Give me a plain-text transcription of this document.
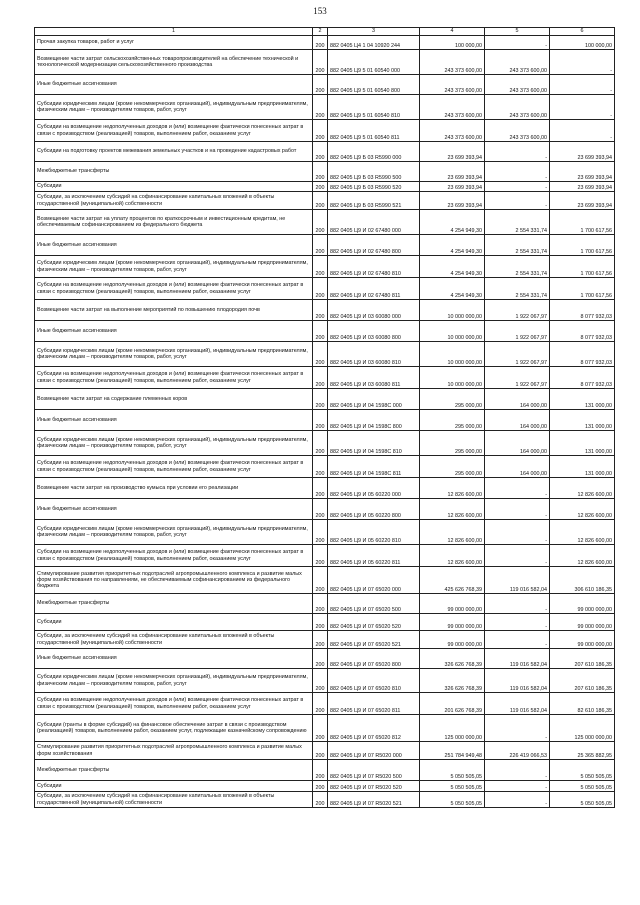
153
1	2	3	4	5	6
Прочая закупка товаров, работ и услуг	200	882 0405 Ц4 1 04 10920 244	100 000,00	-	100 000,00
Возмещение части затрат сельскохозяйственных товаропроизводителей на обеспечение технической и технологической модернизации сельскохозяйственного производства	200	882 0405 Ц9 5 01 60540 000	243 373 600,00	243 373 600,00	-
Иные бюджетные ассигнования	200	882 0405 Ц9 5 01 60540 800	243 373 600,00	243 373 600,00	-
Субсидии юридическим лицам (кроме некоммерческих организаций), индивидуальным предпринимателям, физическим лицам – производителям товаров, работ, услуг	200	882 0405 Ц9 5 01 60540 810	243 373 600,00	243 373 600,00	-
Субсидии на возмещение недополученных доходов и (или) возмещение фактически понесенных затрат в связи с производством (реализацией) товаров, выполнением работ, оказанием услуг	200	882 0405 Ц9 5 01 60540 811	243 373 600,00	243 373 600,00	-
Субсидии на подготовку проектов межевания земельных участков и на проведение кадастровых работ	200	882 0405 Ц9 Б 03 R5990 000	23 699 393,94	-	23 699 393,94
Межбюджетные трансферты	200	882 0405 Ц9 Б 03 R5990 500	23 699 393,94	-	23 699 393,94
Субсидии	200	882 0405 Ц9 Б 03 R5990 520	23 699 393,94	-	23 699 393,94
Субсидии, за исключением субсидий на софинансирование капитальных вложений в объекты государственной (муниципальной) собственности	200	882 0405 Ц9 Б 03 R5990 521	23 699 393,94	-	23 699 393,94
Возмещение части затрат на уплату процентов по краткосрочным и инвестиционным кредитам, не обеспечиваемым софинансированием из федерального бюджета	200	882 0405 Ц9 И 02 67480 000	4 254 949,30	2 554 331,74	1 700 617,56
Иные бюджетные ассигнования	200	882 0405 Ц9 И 02 67480 800	4 254 949,30	2 554 331,74	1 700 617,56
Субсидии юридическим лицам (кроме некоммерческих организаций), индивидуальным предпринимателям, физическим лицам – производителям товаров, работ, услуг	200	882 0405 Ц9 И 02 67480 810	4 254 949,30	2 554 331,74	1 700 617,56
Субсидии на возмещение недополученных доходов и (или) возмещение фактически понесенных затрат в связи с производством (реализацией) товаров, выполнением работ, оказанием услуг	200	882 0405 Ц9 И 02 67480 811	4 254 949,30	2 554 331,74	1 700 617,56
Возмещение части затрат на выполнение мероприятий по повышению плодородия почв	200	882 0405 Ц9 И 03 60080 000	10 000 000,00	1 922 067,97	8 077 932,03
Иные бюджетные ассигнования	200	882 0405 Ц9 И 03 60080 800	10 000 000,00	1 922 067,97	8 077 932,03
Субсидии юридическим лицам (кроме некоммерческих организаций), индивидуальным предпринимателям, физическим лицам – производителям товаров, работ, услуг	200	882 0405 Ц9 И 03 60080 810	10 000 000,00	1 922 067,97	8 077 932,03
Субсидии на возмещение недополученных доходов и (или) возмещение фактически понесенных затрат в связи с производством (реализацией) товаров, выполнением работ, оказанием услуг	200	882 0405 Ц9 И 03 60080 811	10 000 000,00	1 922 067,97	8 077 932,03
Возмещение части затрат на содержание племенных коров	200	882 0405 Ц9 И 04 1598С 000	295 000,00	164 000,00	131 000,00
Иные бюджетные ассигнования	200	882 0405 Ц9 И 04 1598С 800	295 000,00	164 000,00	131 000,00
Субсидии юридическим лицам (кроме некоммерческих организаций), индивидуальным предпринимателям, физическим лицам – производителям товаров, работ, услуг	200	882 0405 Ц9 И 04 1598С 810	295 000,00	164 000,00	131 000,00
Субсидии на возмещение недополученных доходов и (или) возмещение фактически понесенных затрат в связи с производством (реализацией) товаров, выполнением работ, оказанием услуг	200	882 0405 Ц9 И 04 1598С 811	295 000,00	164 000,00	131 000,00
Возмещение части затрат на производство кумыса при условии его реализации	200	882 0405 Ц9 И 05 60220 000	12 826 600,00	-	12 826 600,00
Иные бюджетные ассигнования	200	882 0405 Ц9 И 05 60220 800	12 826 600,00	-	12 826 600,00
Субсидии юридическим лицам (кроме некоммерческих организаций), индивидуальным предпринимателям, физическим лицам – производителям товаров, работ, услуг	200	882 0405 Ц9 И 05 60220 810	12 826 600,00	-	12 826 600,00
Субсидии на возмещение недополученных доходов и (или) возмещение фактически понесенных затрат в связи с производством (реализацией) товаров, выполнением работ, оказанием услуг	200	882 0405 Ц9 И 05 60220 811	12 826 600,00	-	12 826 600,00
Стимулирование развития приоритетных подотраслей агропромышленного комплекса и развитие малых форм хозяйствования по направлениям, не обеспечиваемым софинансированием из федерального бюджета	200	882 0405 Ц9 И 07 65020 000	425 626 768,39	119 016 582,04	306 610 186,35
Межбюджетные трансферты	200	882 0405 Ц9 И 07 65020 500	99 000 000,00	-	99 000 000,00
Субсидии	200	882 0405 Ц9 И 07 65020 520	99 000 000,00	-	99 000 000,00
Субсидии, за исключением субсидий на софинансирование капитальных вложений в объекты государственной (муниципальной) собственности	200	882 0405 Ц9 И 07 65020 521	99 000 000,00	-	99 000 000,00
Иные бюджетные ассигнования	200	882 0405 Ц9 И 07 65020 800	326 626 768,39	119 016 582,04	207 610 186,35
Субсидии юридическим лицам (кроме некоммерческих организаций), индивидуальным предпринимателям, физическим лицам – производителям товаров, работ, услуг	200	882 0405 Ц9 И 07 65020 810	326 626 768,39	119 016 582,04	207 610 186,35
Субсидии на возмещение недополученных доходов и (или) возмещение фактически понесенных затрат в связи с производством (реализацией) товаров, выполнением работ, оказанием услуг	200	882 0405 Ц9 И 07 65020 811	201 626 768,39	119 016 582,04	82 610 186,35
Субсидии (гранты в форме субсидий) на финансовое обеспечение затрат в связи с производством (реализацией) товаров, выполнением работ, оказанием услуг, подлежащие казначейскому сопровождению	200	882 0405 Ц9 И 07 65020 812	125 000 000,00	-	125 000 000,00
Стимулирование развития приоритетных подотраслей агропромышленного комплекса и развитие малых форм хозяйствования	200	882 0405 Ц9 И 07 R5020 000	251 784 949,48	226 419 066,53	25 365 882,95
Межбюджетные трансферты	200	882 0405 Ц9 И 07 R5020 500	5 050 505,05	-	5 050 505,05
Субсидии	200	882 0405 Ц9 И 07 R5020 520	5 050 505,05	-	5 050 505,05
Субсидии, за исключением субсидий на софинансирование капитальных вложений в объекты государственной (муниципальной) собственности	200	882 0405 Ц9 И 07 R5020 521	5 050 505,05	-	5 050 505,05
